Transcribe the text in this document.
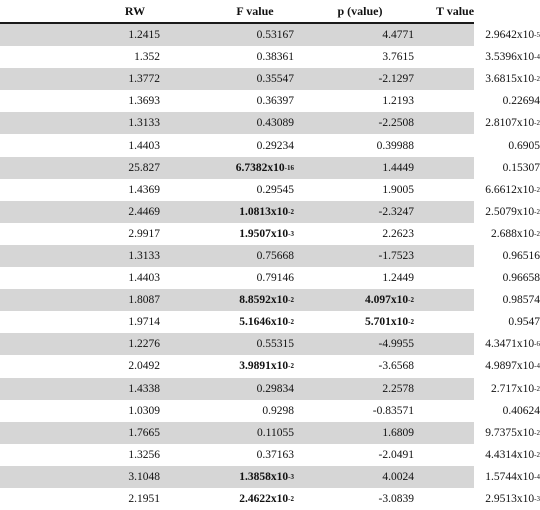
RW	F value	p (value)	T value
1.2415	0.53167	4.4771	2.9642x10 -5
1.352	0.38361	3.7615	3.5396x10 -4
1.3772	0.35547	-2.1297	3.6815x10 -2
1.3693	0.36397	1.2193	0.22694
1.3133	0.43089	-2.2508	2.8107x10 -2
1.4403	0.29234	0.39988	0.6905
25.827	6.7382x10 -16	1.4449	0.15307
1.4369	0.29545	1.9005	6.6612x10 -2
2.4469	1.0813x10 -2	-2.3247	2.5079x10 -2
2.9917	1.9507x10 -3	2.2623	2.688x10 -2
1.3133	0.75668	-1.7523	0.96516
1.4403	0.79146	1.2449	0.96658
1.8087	8.8592x10 -2	4.097x10 -2	0.98574
1.9714	5.1646x10 -2	5.701x10 -2	0.9547
1.2276	0.55315	-4.9955	4.3471x10 -6
2.0492	3.9891x10 -2	-3.6568	4.9897x10 -4
1.4338	0.29834	2.2578	2.717x10 -2
1.0309	0.9298	-0.83571	0.40624
1.7665	0.11055	1.6809	9.7375x10 -2
1.3256	0.37163	-2.0491	4.4314x10 -2
3.1048	1.3858x10 -3	4.0024	1.5744x10 -4
2.1951	2.4622x10 -2	-3.0839	2.9513x10 -3
